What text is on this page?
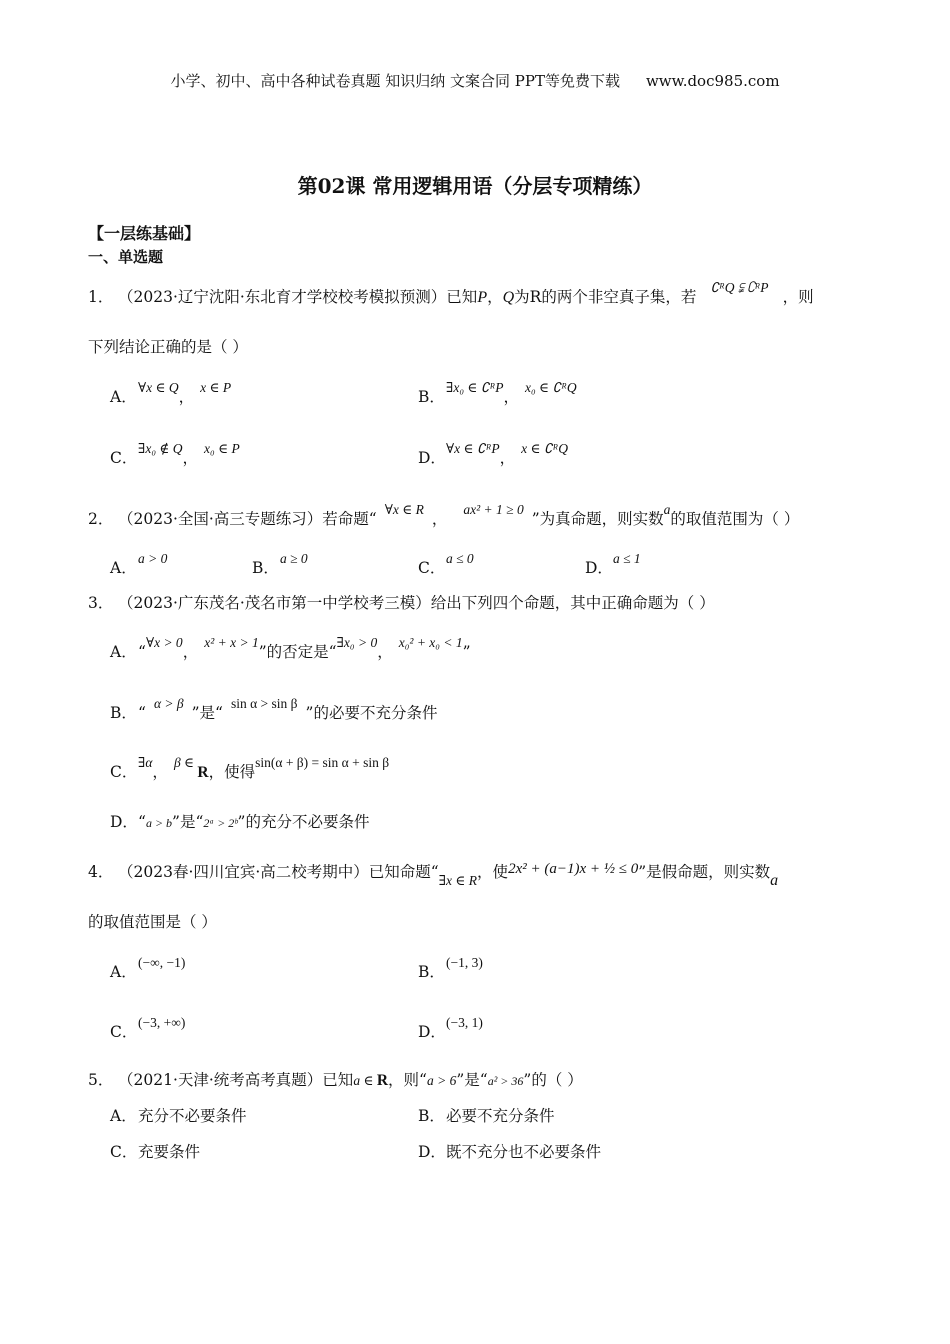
小学、初中、高中各种试卷真题 知识归纳 文案合同 PPT等免费下载 www.doc985.com
第02课 常用逻辑用语（分层专项精练）
【一层练基础】
一、单选题
1． （2023·辽宁沈阳·东北育才学校校考模拟预测）已知P，Q为R的两个非空真子集，若∁ᴿQ ⫋ ∁ᴿP，则
下列结论正确的是（ ）
A．∀x ∈ Q，x ∈ P
B．∃x₀ ∈ ∁ᴿP，x₀ ∈ ∁ᴿQ
C．∃x₀ ∉ Q，x₀ ∈ P
D．∀x ∈ ∁ᴿP，x ∈ ∁ᴿQ
2． （2023·全国·高三专题练习）若命题“∀x ∈ R，ax² + 1 ≥ 0”为真命题，则实数a的取值范围为（ ）
A．a > 0
B．a ≥ 0
C．a ≤ 0
D．a ≤ 1
3． （2023·广东茂名·茂名市第一中学校考三模）给出下列四个命题，其中正确命题为（ ）
A．“∀x > 0，x² + x > 1”的否定是“∃x₀ > 0，x₀² + x₀ < 1”
B．“α > β”是“sin α > sin β”的必要不充分条件
C．∃α，β ∈ R，使得sin(α + β) = sin α + sin β
D．“a > b”是“2ᵃ > 2ᵇ”的充分不必要条件
4． （2023春·四川宜宾·高二校考期中）已知命题“∃x ∈ R，使2x² + (a−1)x + ½ ≤ 0”是假命题，则实数a
的取值范围是（ ）
A．(−∞, −1)
B．(−1, 3)
C．(−3, +∞)
D．(−3, 1)
5． （2021·天津·统考高考真题）已知a ∈ R，则“a > 6”是“a² > 36”的（ ）
A．充分不必要条件	B．必要不充分条件
C．充要条件	D．既不充分也不必要条件
